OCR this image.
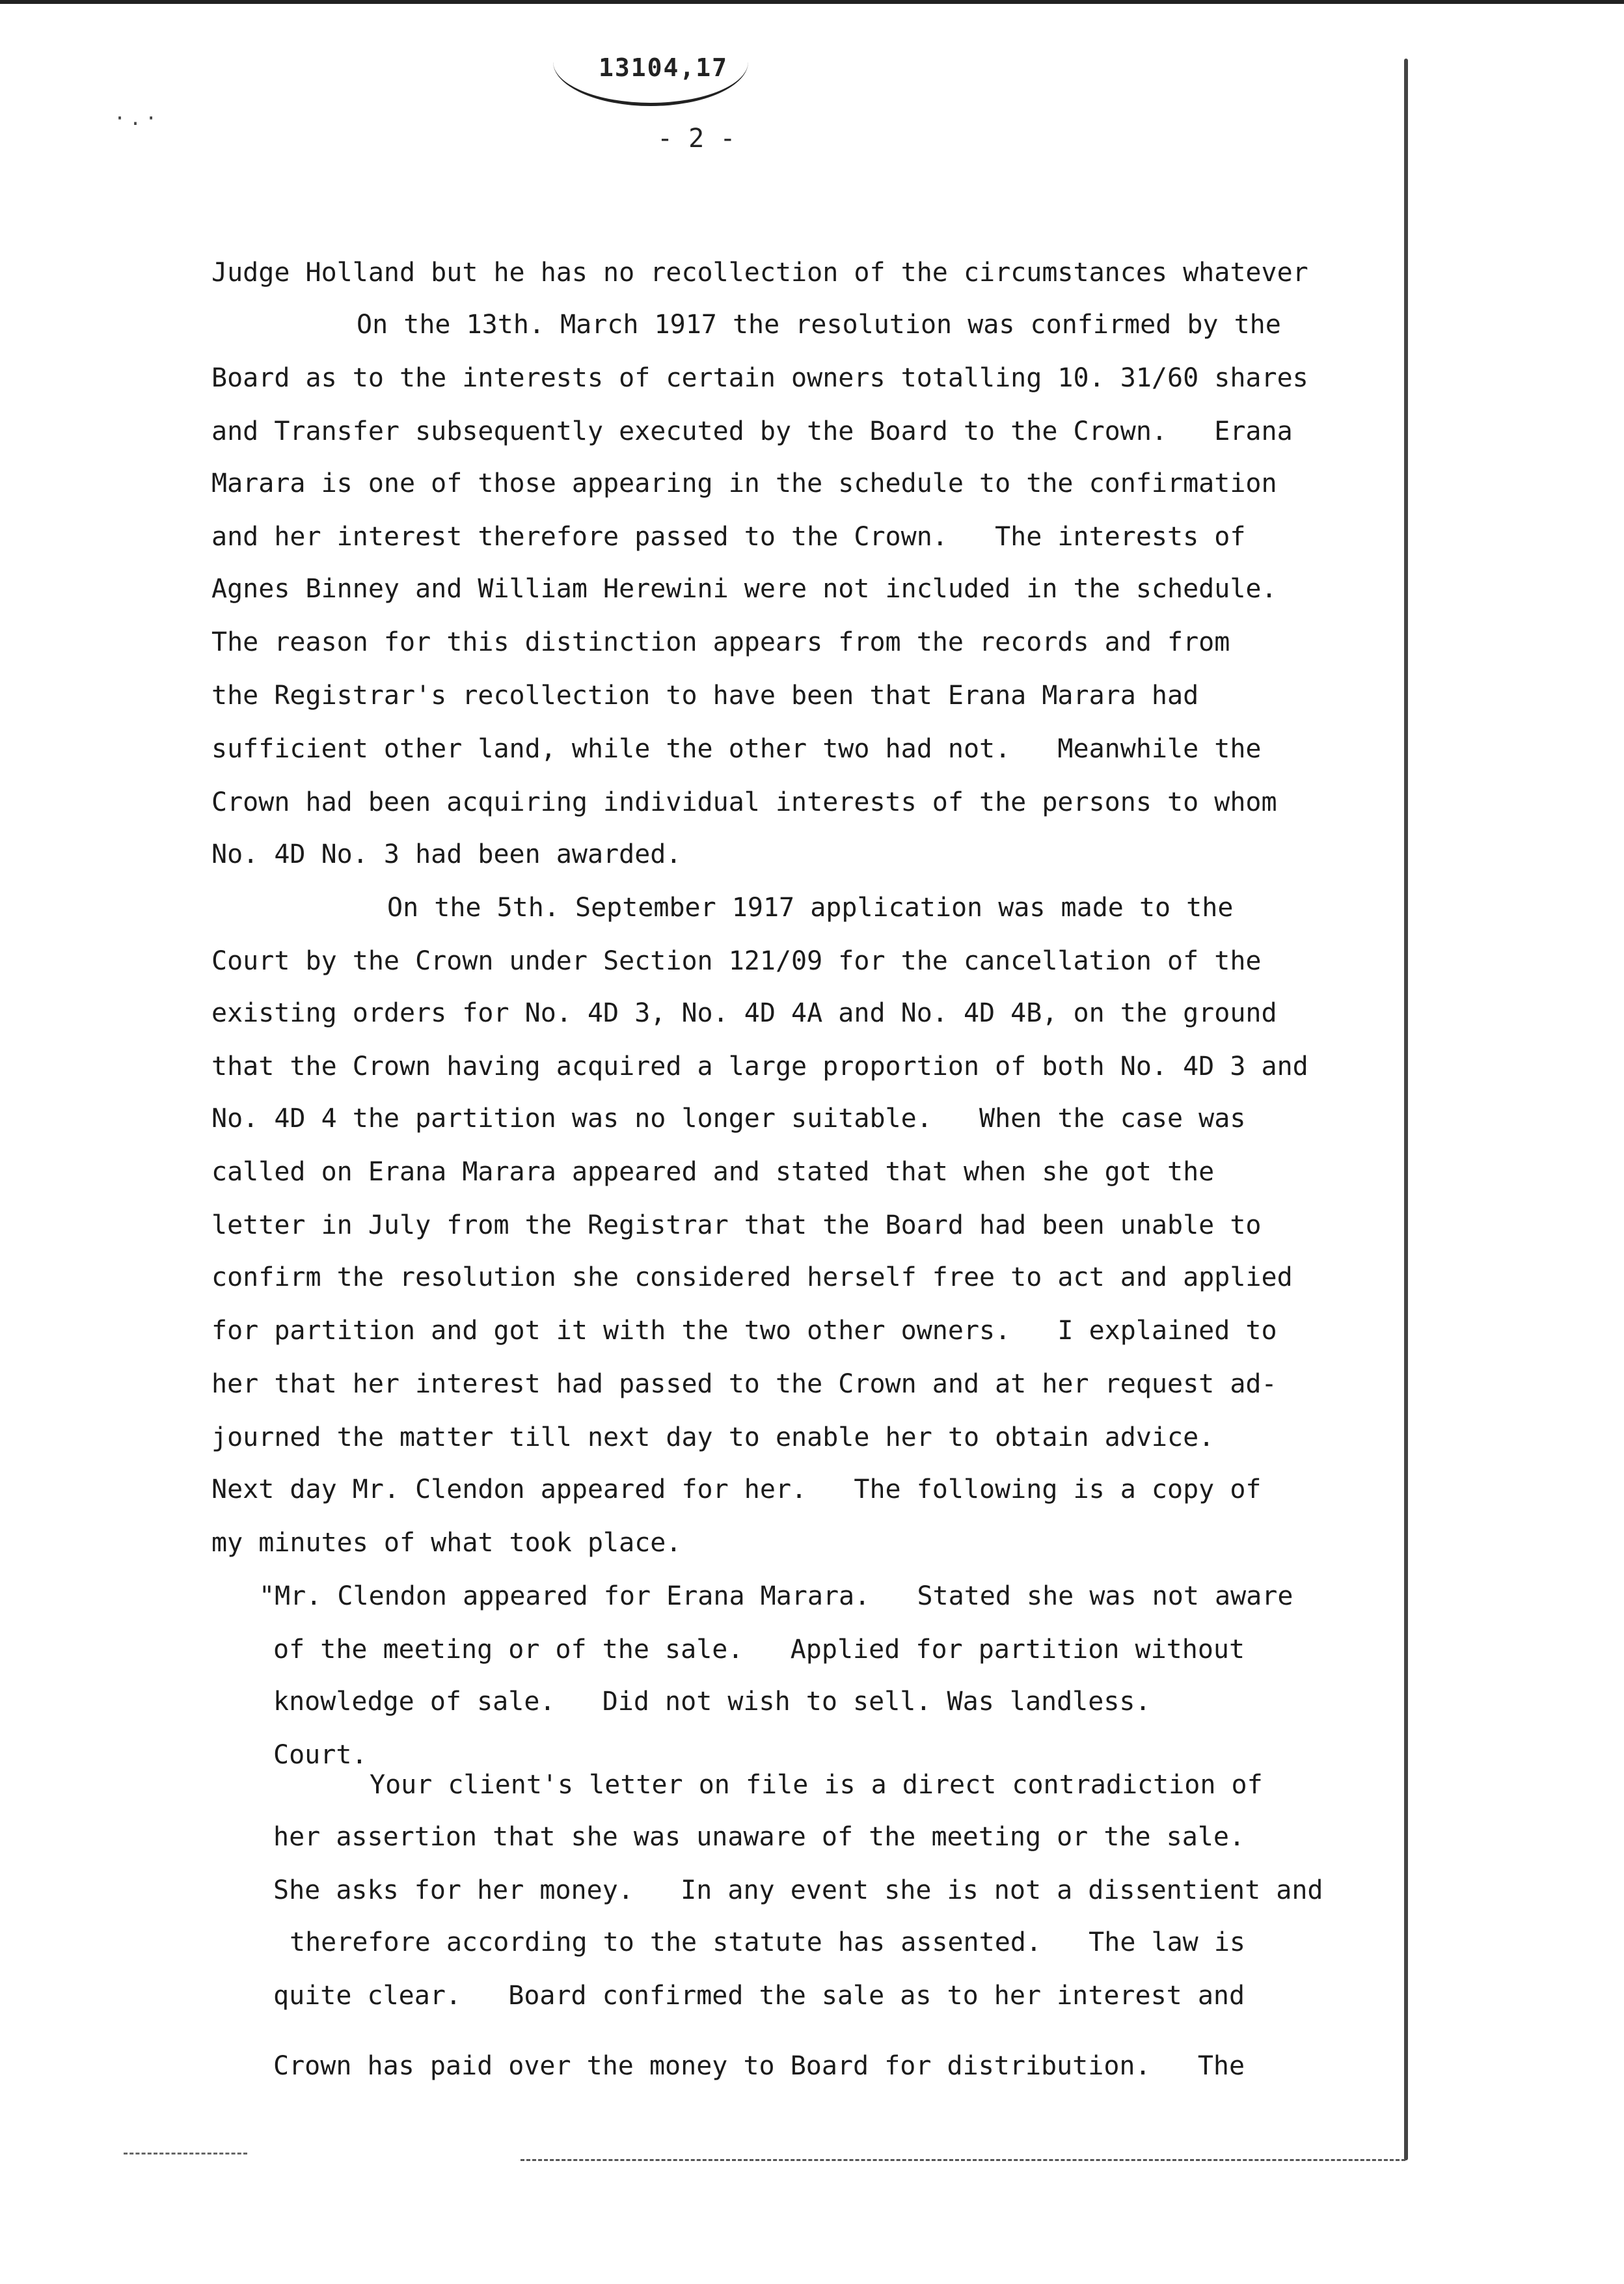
13104,17
·.·
- 2 -
Judge Holland but he has no recollection of the circumstances whatever
On the 13th. March 1917 the resolution was confirmed by the
Board as to the interests of certain owners totalling 10. 31/60 shares
and Transfer subsequently executed by the Board to the Crown.   Erana
Marara is one of those appearing in the schedule to the confirmation
and her interest therefore passed to the Crown.   The interests of
Agnes Binney and William Herewini were not included in the schedule.
The reason for this distinction appears from the records and from
the Registrar's recollection to have been that Erana Marara had
sufficient other land, while the other two had not.   Meanwhile the
Crown had been acquiring individual interests of the persons to whom
No. 4D No. 3 had been awarded.
On the 5th. September 1917 application was made to the
Court by the Crown under Section 121/09 for the cancellation of the
existing orders for No. 4D 3, No. 4D 4A and No. 4D 4B, on the ground
that the Crown having acquired a large proportion of both No. 4D 3 and
No. 4D 4 the partition was no longer suitable.   When the case was
called on Erana Marara appeared and stated that when she got the
letter in July from the Registrar that the Board had been unable to
confirm the resolution she considered herself free to act and applied
for partition and got it with the two other owners.   I explained to
her that her interest had passed to the Crown and at her request ad-
journed the matter till next day to enable her to obtain advice.
Next day Mr. Clendon appeared for her.   The following is a copy of
my minutes of what took place.
"Mr. Clendon appeared for Erana Marara.   Stated she was not aware
of the meeting or of the sale.   Applied for partition without
knowledge of sale.   Did not wish to sell. Was landless.
Court.
Your client's letter on file is a direct contradiction of
her assertion that she was unaware of the meeting or the sale.
She asks for her money.   In any event she is not a dissentient and
therefore according to the statute has assented.   The law is
quite clear.   Board confirmed the sale as to her interest and
Crown has paid over the money to Board for distribution.   The
